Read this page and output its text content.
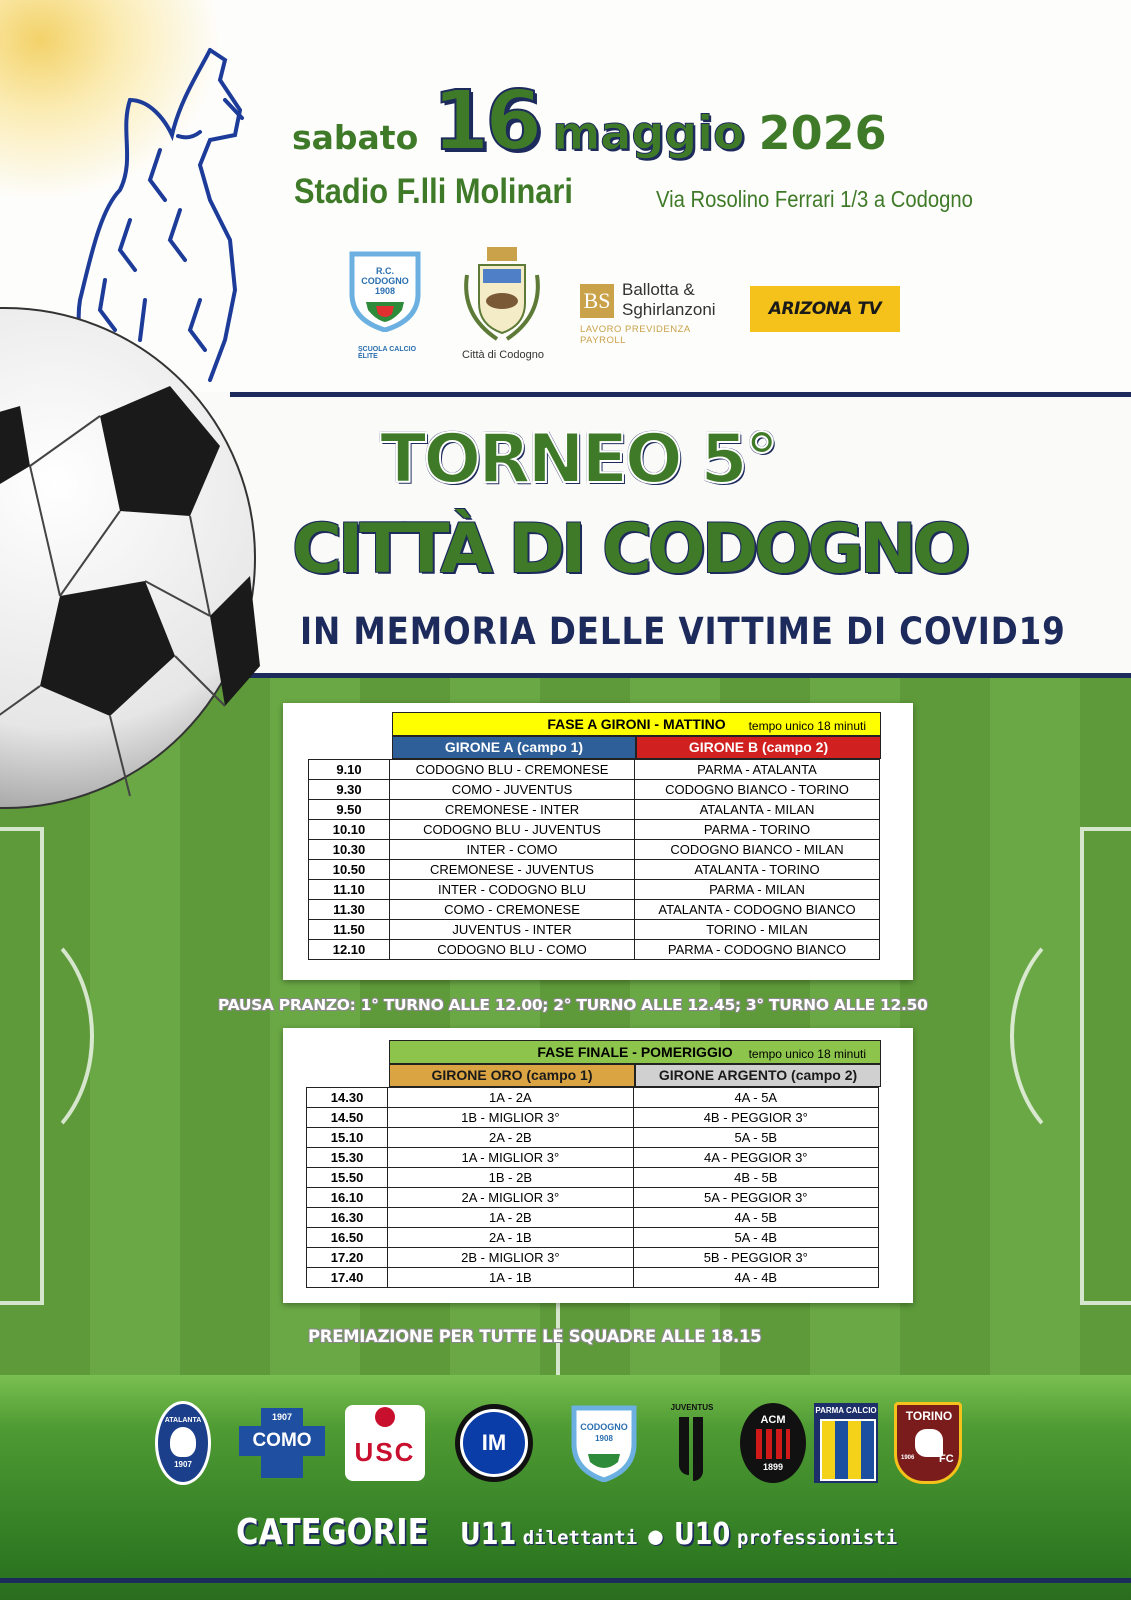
sabato 16 maggio 2026
Stadio F.lli Molinari	Via Rosolino Ferrari 1/3 a Codogno
R.C. CODOGNO 1908
SCUOLA CALCIO ÉLITE	Città di Codogno
BS Ballotta &
Sghirlanzoni
LAVORO PREVIDENZA PAYROLL
ARIZONA TV
TORNEO 5°
CITTÀ DI CODOGNO
IN MEMORIA DELLE VITTIME DI COVID19
FASE A GIRONI - MATTINO tempo unico 18 minuti
GIRONE A (campo 1)	GIRONE B (campo 2)
9.10	CODOGNO BLU - CREMONESE	PARMA - ATALANTA
9.30	COMO - JUVENTUS	CODOGNO BIANCO - TORINO
9.50	CREMONESE - INTER	ATALANTA - MILAN
10.10	CODOGNO BLU - JUVENTUS	PARMA - TORINO
10.30	INTER - COMO	CODOGNO BIANCO - MILAN
10.50	CREMONESE - JUVENTUS	ATALANTA - TORINO
11.10	INTER - CODOGNO BLU	PARMA - MILAN
11.30	COMO - CREMONESE	ATALANTA - CODOGNO BIANCO
11.50	JUVENTUS - INTER	TORINO - MILAN
12.10	CODOGNO BLU - COMO	PARMA - CODOGNO BIANCO
PAUSA PRANZO: 1° TURNO ALLE 12.00; 2° TURNO ALLE 12.45; 3° TURNO ALLE 12.50
FASE FINALE - POMERIGGIO tempo unico 18 minuti
GIRONE ORO (campo 1)	GIRONE ARGENTO (campo 2)
14.30	1A - 2A	4A - 5A
14.50	1B - MIGLIOR 3°	4B - PEGGIOR 3°
15.10	2A - 2B	5A - 5B
15.30	1A - MIGLIOR 3°	4A - PEGGIOR 3°
15.50	1B - 2B	4B - 5B
16.10	2A - MIGLIOR 3°	5A - PEGGIOR 3°
16.30	1A - 2B	4A - 5B
16.50	2A - 1B	5A - 4B
17.20	2B - MIGLIOR 3°	5B - PEGGIOR 3°
17.40	1A - 1B	4A - 4B
PREMIAZIONE PER TUTTE LE SQUADRE ALLE 18.15
ATALANTA
1907
1907
COMO	USC	IM
CODOGNO
1908
JUVENTUS
ACM
1899
PARMA CALCIO	TORINO
FC
1906
CATEGORIE U11 dilettanti ● U10 professionisti
